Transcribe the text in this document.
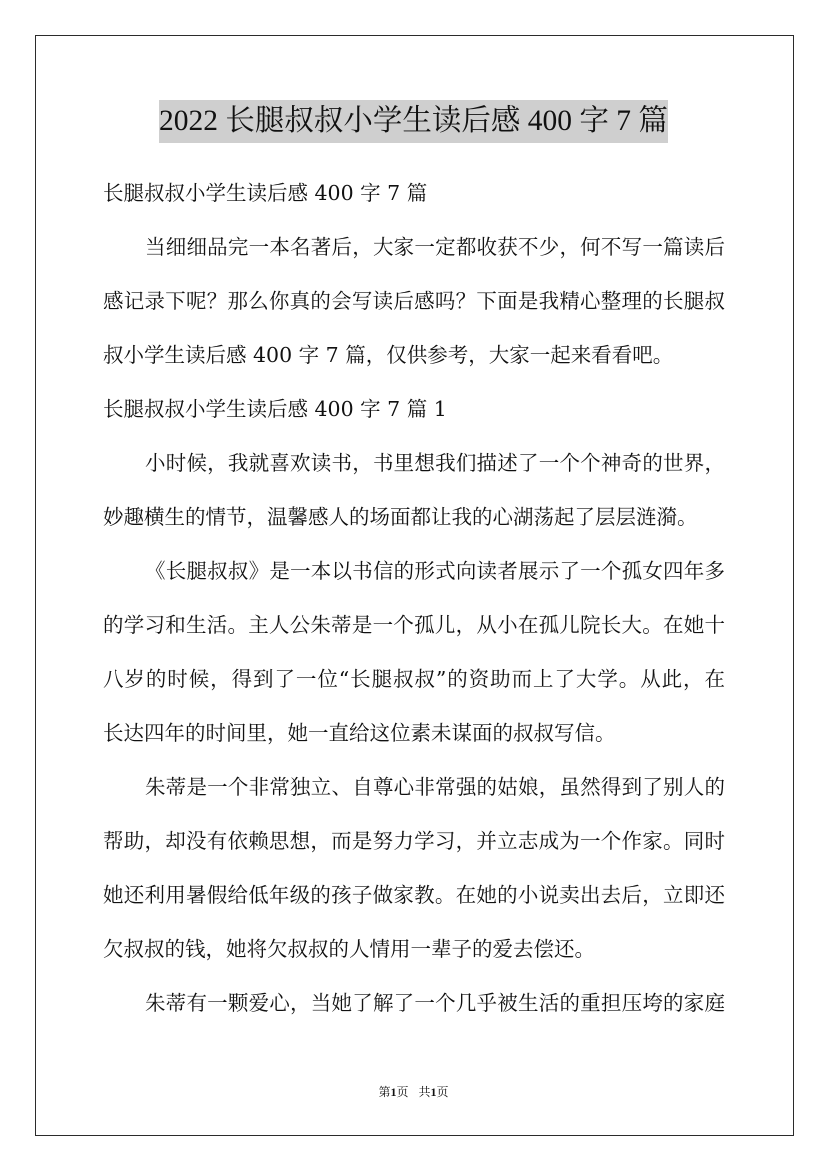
2022 长腿叔叔小学生读后感 400 字 7 篇
长腿叔叔小学生读后感 400 字 7 篇
当细细品完一本名著后，大家一定都收获不少，何不写一篇读后
感记录下呢？那么你真的会写读后感吗？下面是我精心整理的长腿叔
叔小学生读后感 400 字 7 篇，仅供参考，大家一起来看看吧。
长腿叔叔小学生读后感 400 字 7 篇 1
小时候，我就喜欢读书，书里想我们描述了一个个神奇的世界，
妙趣横生的情节，温馨感人的场面都让我的心湖荡起了层层涟漪。
《长腿叔叔》是一本以书信的形式向读者展示了一个孤女四年多
的学习和生活。主人公朱蒂是一个孤儿，从小在孤儿院长大。在她十
八岁的时候，得到了一位“长腿叔叔”的资助而上了大学。从此，在
长达四年的时间里，她一直给这位素未谋面的叔叔写信。
朱蒂是一个非常独立、自尊心非常强的姑娘，虽然得到了别人的
帮助，却没有依赖思想，而是努力学习，并立志成为一个作家。同时
她还利用暑假给低年级的孩子做家教。在她的小说卖出去后，立即还
欠叔叔的钱，她将欠叔叔的人情用一辈子的爱去偿还。
朱蒂有一颗爱心，当她了解了一个几乎被生活的重担压垮的家庭
第1页 共1页
